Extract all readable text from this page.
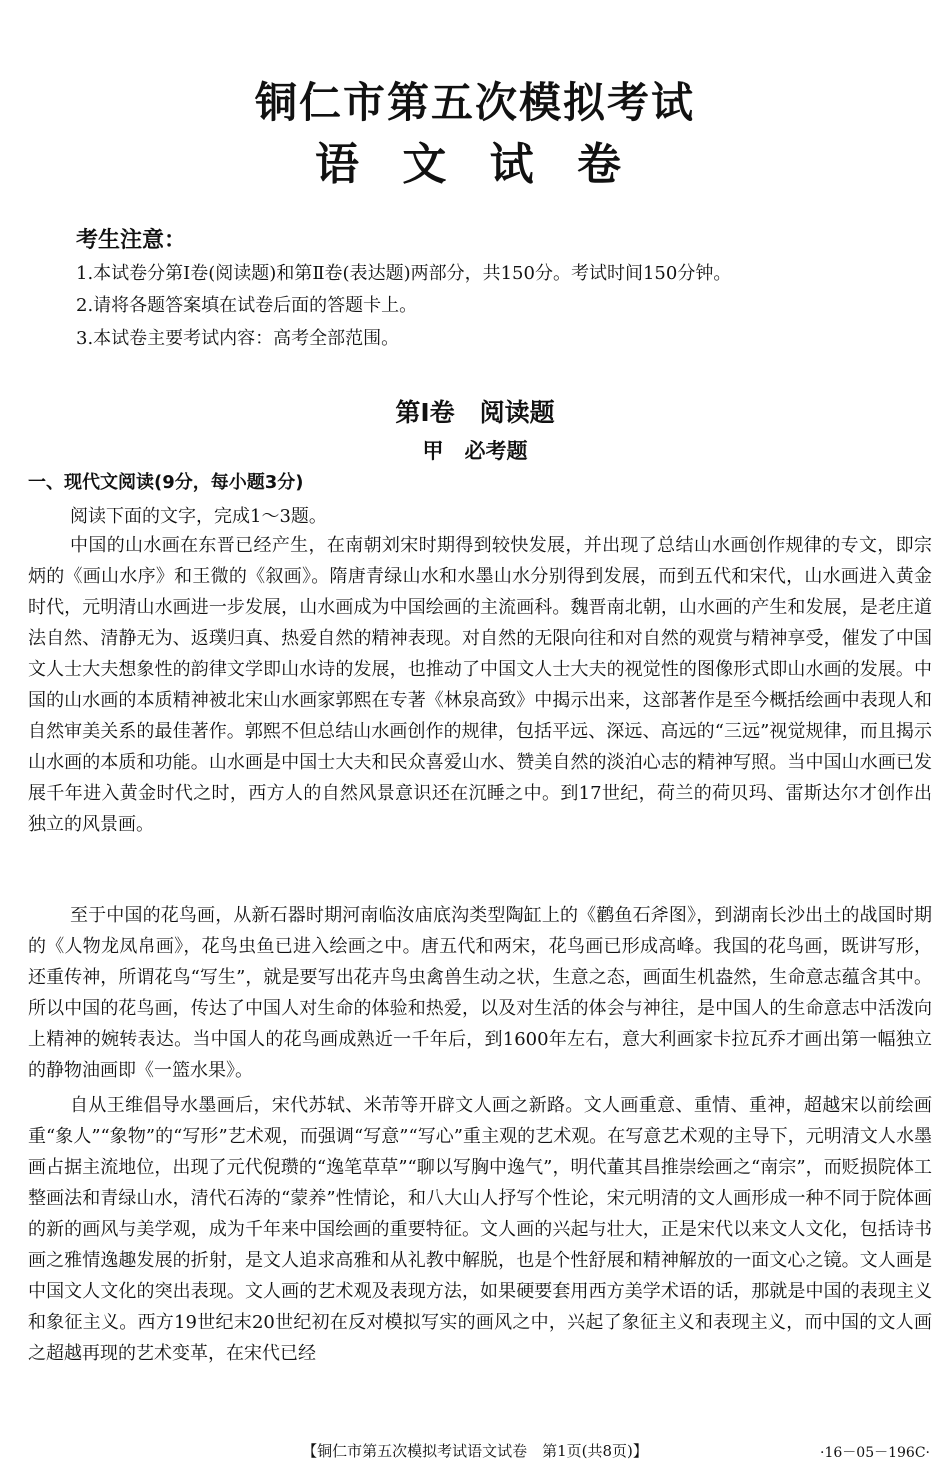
铜仁市第五次模拟考试
语 文 试 卷
考生注意：
1.本试卷分第Ⅰ卷(阅读题)和第Ⅱ卷(表达题)两部分，共150分。考试时间150分钟。
2.请将各题答案填在试卷后面的答题卡上。
3.本试卷主要考试内容：高考全部范围。
第Ⅰ卷　阅读题
甲　必考题
一、现代文阅读(9分，每小题3分)
阅读下面的文字，完成1～3题。

中国的山水画在东晋已经产生，在南朝刘宋时期得到较快发展，并出现了总结山水画创作规律的专文，即宗炳的《画山水序》和王微的《叙画》。隋唐青绿山水和水墨山水分别得到发展，而到五代和宋代，山水画进入黄金时代，元明清山水画进一步发展，山水画成为中国绘画的主流画科。魏晋南北朝，山水画的产生和发展，是老庄道法自然、清静无为、返璞归真、热爱自然的精神表现。对自然的无限向往和对自然的观赏与精神享受，催发了中国文人士大夫想象性的韵律文学即山水诗的发展，也推动了中国文人士大夫的视觉性的图像形式即山水画的发展。中国的山水画的本质精神被北宋山水画家郭熙在专著《林泉高致》中揭示出来，这部著作是至今概括绘画中表现人和自然审美关系的最佳著作。郭熙不但总结山水画创作的规律，包括平远、深远、高远的“三远”视觉规律，而且揭示山水画的本质和功能。山水画是中国士大夫和民众喜爱山水、赞美自然的淡泊心志的精神写照。当中国山水画已发展千年进入黄金时代之时，西方人的自然风景意识还在沉睡之中。到17世纪，荷兰的荷贝玛、雷斯达尔才创作出独立的风景画。

至于中国的花鸟画，从新石器时期河南临汝庙底沟类型陶缸上的《鹳鱼石斧图》，到湖南长沙出土的战国时期的《人物龙凤帛画》，花鸟虫鱼已进入绘画之中。唐五代和两宋，花鸟画已形成高峰。我国的花鸟画，既讲写形，还重传神，所谓花鸟“写生”，就是要写出花卉鸟虫禽兽生动之状，生意之态，画面生机盎然，生命意志蕴含其中。所以中国的花鸟画，传达了中国人对生命的体验和热爱，以及对生活的体会与神往，是中国人的生命意志中活泼向上精神的婉转表达。当中国人的花鸟画成熟近一千年后，到1600年左右，意大利画家卡拉瓦乔才画出第一幅独立的静物油画即《一篮水果》。

自从王维倡导水墨画后，宋代苏轼、米芾等开辟文人画之新路。文人画重意、重情、重神，超越宋以前绘画重“象人”“象物”的“写形”艺术观，而强调“写意”“写心”重主观的艺术观。在写意艺术观的主导下，元明清文人水墨画占据主流地位，出现了元代倪瓒的“逸笔草草”“聊以写胸中逸气”，明代董其昌推崇绘画之“南宗”，而贬损院体工整画法和青绿山水，清代石涛的“蒙养”性情论，和八大山人抒写个性论，宋元明清的文人画形成一种不同于院体画的新的画风与美学观，成为千年来中国绘画的重要特征。文人画的兴起与壮大，正是宋代以来文人文化，包括诗书画之雅情逸趣发展的折射，是文人追求高雅和从礼教中解脱，也是个性舒展和精神解放的一面文心之镜。文人画是中国文人文化的突出表现。文人画的艺术观及表现方法，如果硬要套用西方美学术语的话，那就是中国的表现主义和象征主义。西方19世纪末20世纪初在反对模拟写实的画风之中，兴起了象征主义和表现主义，而中国的文人画之超越再现的艺术变革，在宋代已经

【铜仁市第五次模拟考试语文试卷　第1页(共8页)】	·16－05－196C·
